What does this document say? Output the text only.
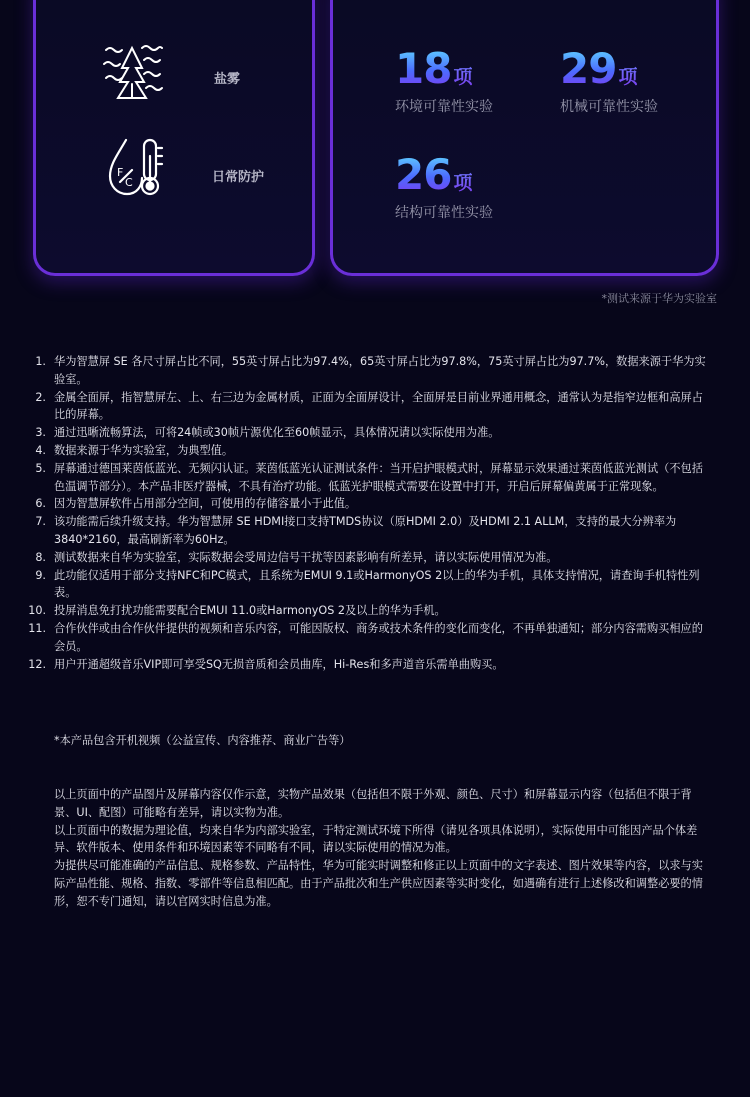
盐雾
F
C	日常防护
18 项
环境可靠性实验
29 项
机械可靠性实验
26 项
结构可靠性实验
*测试来源于华为实验室
1. 华为智慧屏 SE 各尺寸屏占比不同，55英寸屏占比为97.4%，65英寸屏占比为97.8%，75英寸屏占比为97.7%，数据来源于华为实验室。
2. 金属全面屏，指智慧屏左、上、右三边为金属材质，正面为全面屏设计，全面屏是目前业界通用概念，通常认为是指窄边框和高屏占比的屏幕。
3. 通过迅晰流畅算法，可将24帧或30帧片源优化至60帧显示，具体情况请以实际使用为准。
4. 数据来源于华为实验室，为典型值。
5. 屏幕通过德国莱茵低蓝光、无频闪认证。莱茵低蓝光认证测试条件：当开启护眼模式时，屏幕显示效果通过莱茵低蓝光测试（不包括色温调节部分）。本产品非医疗器械，不具有治疗功能。低蓝光护眼模式需要在设置中打开，开启后屏幕偏黄属于正常现象。
6. 因为智慧屏软件占用部分空间，可使用的存储容量小于此值。
7. 该功能需后续升级支持。华为智慧屏 SE HDMI接口支持TMDS协议（原HDMI 2.0）及HDMI 2.1 ALLM，支持的最大分辨率为3840*2160，最高刷新率为60Hz。
8. 测试数据来自华为实验室，实际数据会受周边信号干扰等因素影响有所差异，请以实际使用情况为准。
9. 此功能仅适用于部分支持NFC和PC模式，且系统为EMUI 9.1或HarmonyOS 2以上的华为手机，具体支持情况，请查询手机特性列表。
10. 投屏消息免打扰功能需要配合EMUI 11.0或HarmonyOS 2及以上的华为手机。
11. 合作伙伴或由合作伙伴提供的视频和音乐内容，可能因版权、商务或技术条件的变化而变化，不再单独通知；部分内容需购买相应的会员。
12. 用户开通超级音乐VIP即可享受SQ无损音质和会员曲库，Hi-Res和多声道音乐需单曲购买。
*本产品包含开机视频（公益宣传、内容推荐、商业广告等）

以上页面中的产品图片及屏幕内容仅作示意，实物产品效果（包括但不限于外观、颜色、尺寸）和屏幕显示内容（包括但不限于背景、UI、配图）可能略有差异，请以实物为准。

以上页面中的数据为理论值，均来自华为内部实验室，于特定测试环境下所得（请见各项具体说明），实际使用中可能因产品个体差异、软件版本、使用条件和环境因素等不同略有不同，请以实际使用的情况为准。

为提供尽可能准确的产品信息、规格参数、产品特性，华为可能实时调整和修正以上页面中的文字表述、图片效果等内容，以求与实际产品性能、规格、指数、零部件等信息相匹配。由于产品批次和生产供应因素等实时变化，如遇确有进行上述修改和调整必要的情形，恕不专门通知，请以官网实时信息为准。
